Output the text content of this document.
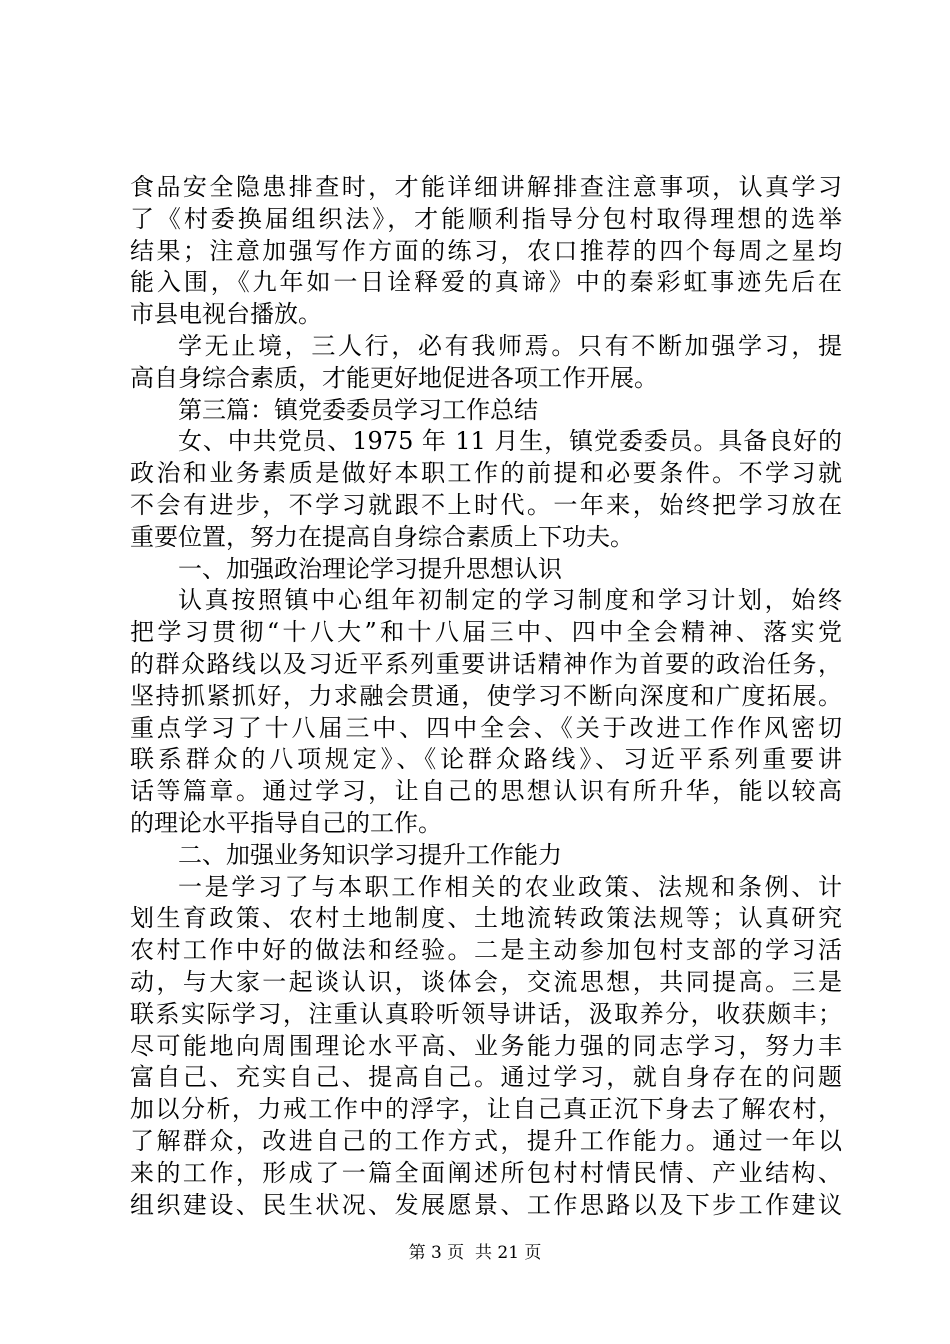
食品安全隐患排查时，才能详细讲解排查注意事项，认真学习
了《村委换届组织法》，才能顺利指导分包村取得理想的选举
结果；注意加强写作方面的练习，农口推荐的四个每周之星均
能入围，《九年如一日诠释爱的真谛》中的秦彩虹事迹先后在
市县电视台播放。
学无止境，三人行，必有我师焉。只有不断加强学习，提
高自身综合素质，才能更好地促进各项工作开展。
第三篇：镇党委委员学习工作总结
女、中共党员、1975 年 11 月生，镇党委委员。具备良好的
政治和业务素质是做好本职工作的前提和必要条件。不学习就
不会有进步，不学习就跟不上时代。一年来，始终把学习放在
重要位置，努力在提高自身综合素质上下功夫。
一、加强政治理论学习提升思想认识
认真按照镇中心组年初制定的学习制度和学习计划，始终
把学习贯彻“十八大”和十八届三中、四中全会精神、落实党
的群众路线以及习近平系列重要讲话精神作为首要的政治任务，
坚持抓紧抓好，力求融会贯通，使学习不断向深度和广度拓展。
重点学习了十八届三中、四中全会、《关于改进工作作风密切
联系群众的八项规定》、《论群众路线》、习近平系列重要讲
话等篇章。通过学习，让自己的思想认识有所升华，能以较高
的理论水平指导自己的工作。
二、加强业务知识学习提升工作能力
一是学习了与本职工作相关的农业政策、法规和条例、计
划生育政策、农村土地制度、土地流转政策法规等；认真研究
农村工作中好的做法和经验。二是主动参加包村支部的学习活
动，与大家一起谈认识，谈体会，交流思想，共同提高。三是
联系实际学习，注重认真聆听领导讲话，汲取养分，收获颇丰；
尽可能地向周围理论水平高、业务能力强的同志学习，努力丰
富自己、充实自己、提高自己。通过学习，就自身存在的问题
加以分析，力戒工作中的浮字，让自己真正沉下身去了解农村，
了解群众，改进自己的工作方式，提升工作能力。通过一年以
来的工作，形成了一篇全面阐述所包村村情民情、产业结构、
组织建设、民生状况、发展愿景、工作思路以及下步工作建议
第 3 页  共 21 页
